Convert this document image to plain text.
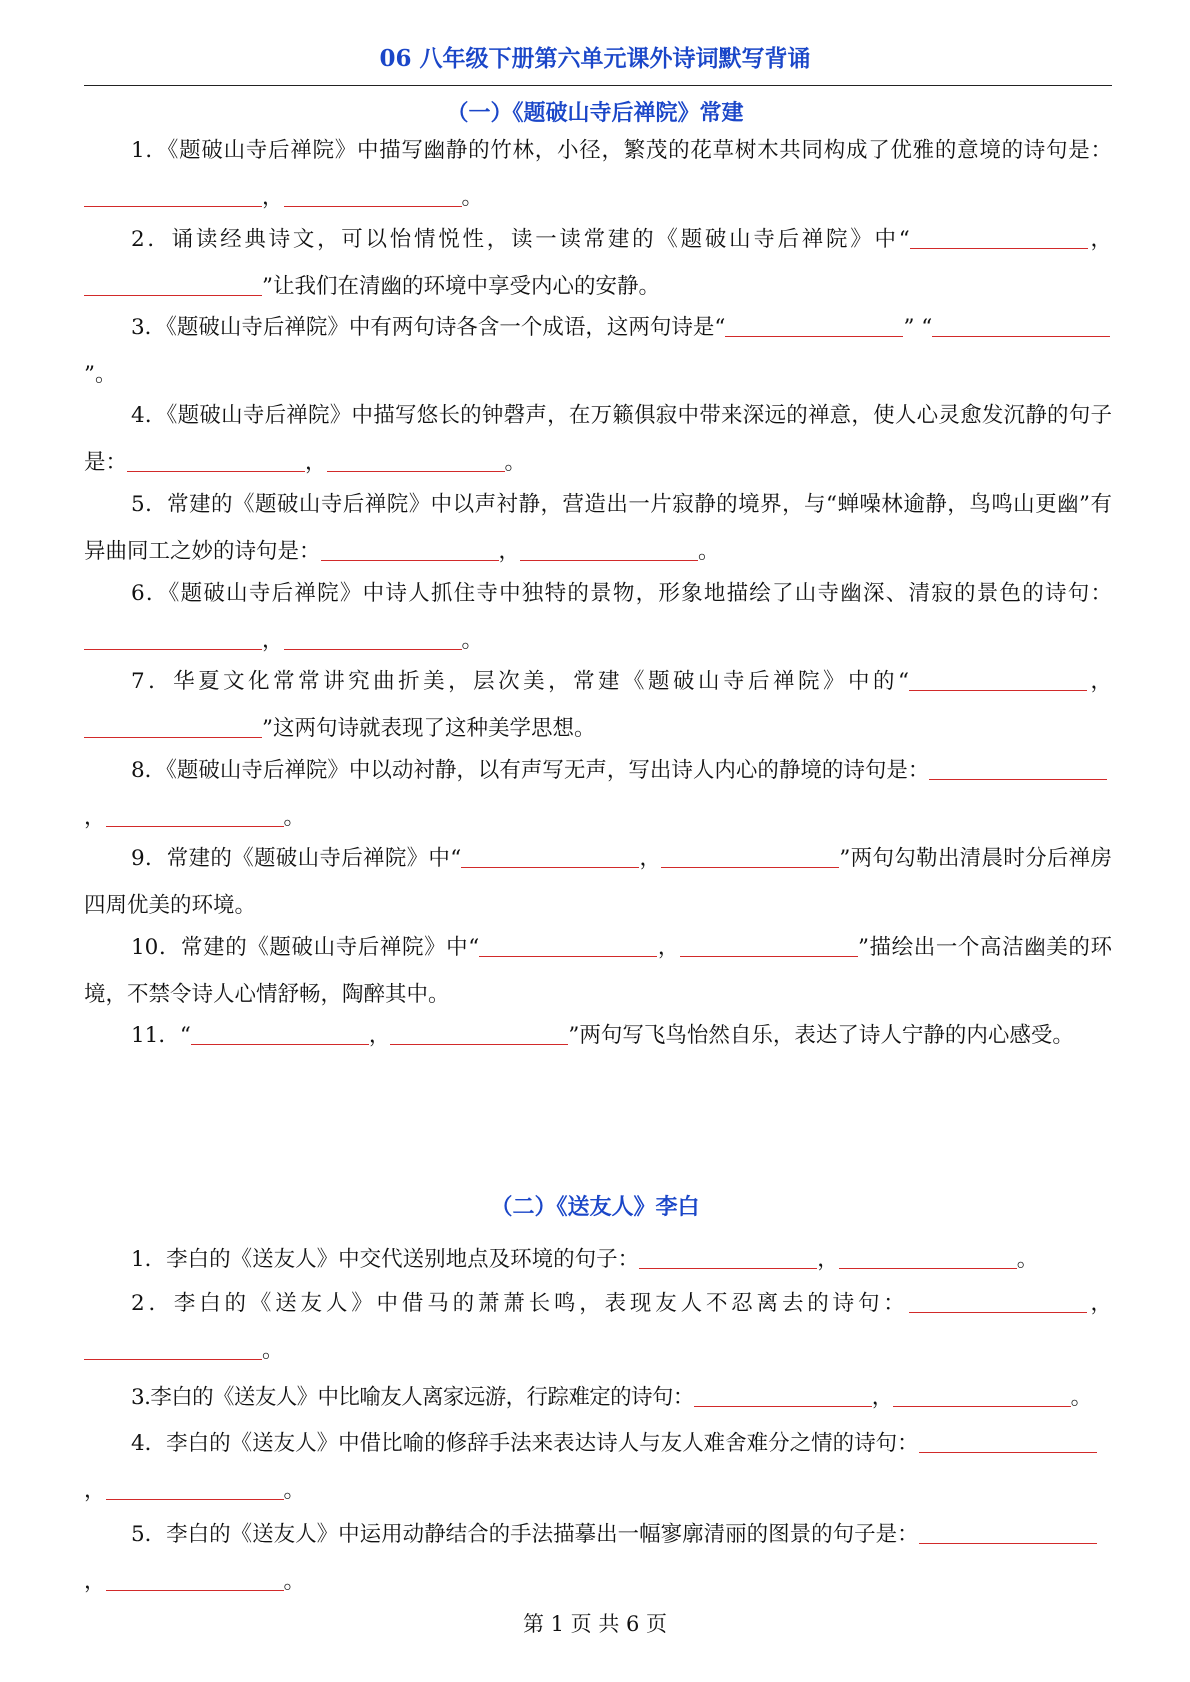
06 八年级下册第六单元课外诗词默写背诵
（一）《题破山寺后禅院》常建
1．《题破山寺后禅院》中描写幽静的竹林，小径，繁茂的花草树木共同构成了优雅的意境的诗句是：，	。
2．诵读经典诗文，可以怡情悦性，读一读常建的《题破山寺后禅院》中“	，”让我们在清幽的环境中享受内心的安静。
3．《题破山寺后禅院》中有两句诗各含一个成语，这两句诗是“	” “”。
4．《题破山寺后禅院》中描写悠长的钟磬声，在万籁俱寂中带来深远的禅意，使人心灵愈发沉静的句子是：	，	。
5．常建的《题破山寺后禅院》中以声衬静，营造出一片寂静的境界，与“蝉噪林逾静，鸟鸣山更幽”有异曲同工之妙的诗句是：	，	。
6．《题破山寺后禅院》中诗人抓住寺中独特的景物，形象地描绘了山寺幽深、清寂的景色的诗句：，	。
7．华夏文化常常讲究曲折美，层次美，常建《题破山寺后禅院》中的“	，”这两句诗就表现了这种美学思想。
8．《题破山寺后禅院》中以动衬静，以有声写无声，写出诗人内心的静境的诗句是：，	。
9．常建的《题破山寺后禅院》中“	，	”两句勾勒出清晨时分后禅房四周优美的环境。
10．常建的《题破山寺后禅院》中“	，	”描绘出一个高洁幽美的环境，不禁令诗人心情舒畅，陶醉其中。
11．“	，	”两句写飞鸟怡然自乐，表达了诗人宁静的内心感受。
（二）《送友人》李白
1．李白的《送友人》中交代送别地点及环境的句子：	，	。
2．李白的《送友人》中借马的萧萧长鸣，表现友人不忍离去的诗句：	，。
3.李白的《送友人》中比喻友人离家远游，行踪难定的诗句：	，	。
4．李白的《送友人》中借比喻的修辞手法来表达诗人与友人难舍难分之情的诗句：，	。
5．李白的《送友人》中运用动静结合的手法描摹出一幅寥廓清丽的图景的句子是：，	。
第 1 页 共 6 页
